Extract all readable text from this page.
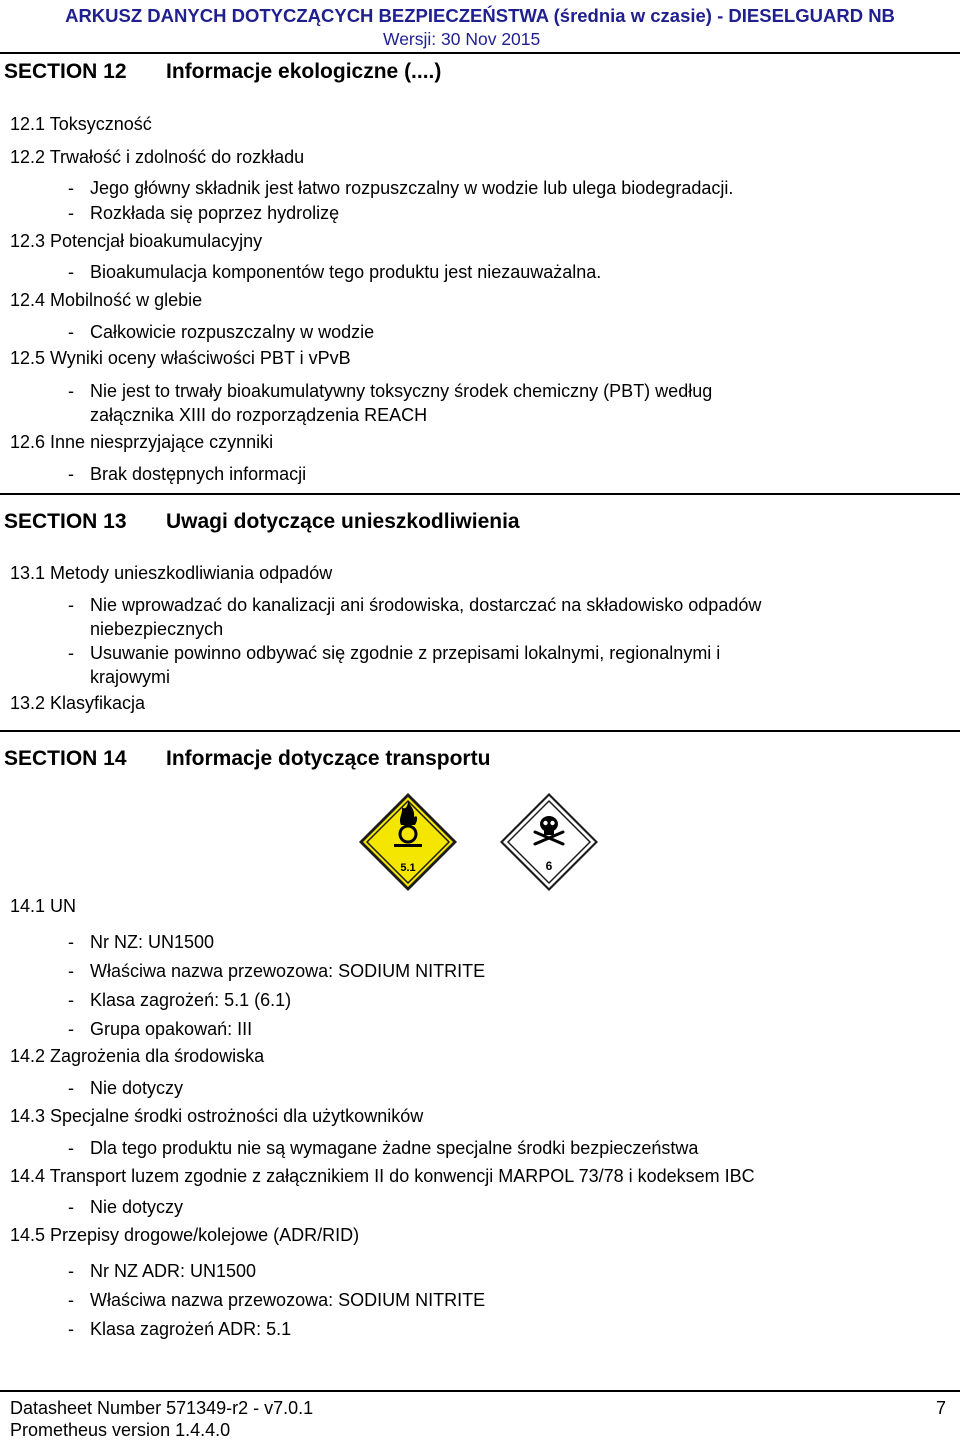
ARKUSZ DANYCH DOTYCZĄCYCH BEZPIECZEŃSTWA (średnia w czasie) - DIESELGUARD NB
Wersji: 30 Nov 2015
SECTION 12 Informacje ekologiczne (....)
12.1 Toksyczność
12.2 Trwałość i zdolność do rozkładu
- Jego główny składnik jest łatwo rozpuszczalny w wodzie lub ulega biodegradacji.
- Rozkłada się poprzez hydrolizę
12.3 Potencjał bioakumulacyjny
- Bioakumulacja komponentów tego produktu jest niezauważalna.
12.4 Mobilność w glebie
- Całkowicie rozpuszczalny w wodzie
12.5 Wyniki oceny właściwości PBT i vPvB
- Nie jest to trwały bioakumulatywny toksyczny środek chemiczny (PBT) według
załącznika XIII do rozporządzenia REACH
12.6 Inne niesprzyjające czynniki
- Brak dostępnych informacji
SECTION 13 Uwagi dotyczące unieszkodliwienia
13.1 Metody unieszkodliwiania odpadów
- Nie wprowadzać do kanalizacji ani środowiska, dostarczać na składowisko odpadów
niebezpiecznych
- Usuwanie powinno odbywać się zgodnie z przepisami lokalnymi, regionalnymi i
krajowymi
13.2 Klasyfikacja
SECTION 14 Informacje dotyczące transportu
5.1	6
14.1 UN
- Nr NZ: UN1500
- Właściwa nazwa przewozowa: SODIUM NITRITE
- Klasa zagrożeń: 5.1 (6.1)
- Grupa opakowań: III
14.2 Zagrożenia dla środowiska
- Nie dotyczy
14.3 Specjalne środki ostrożności dla użytkowników
- Dla tego produktu nie są wymagane żadne specjalne środki bezpieczeństwa
14.4 Transport luzem zgodnie z załącznikiem II do konwencji MARPOL 73/78 i kodeksem IBC
- Nie dotyczy
14.5 Przepisy drogowe/kolejowe (ADR/RID)
- Nr NZ ADR: UN1500
- Właściwa nazwa przewozowa: SODIUM NITRITE
- Klasa zagrożeń ADR: 5.1
Datasheet Number 571349-r2 - v7.0.1	7
Prometheus version 1.4.4.0
